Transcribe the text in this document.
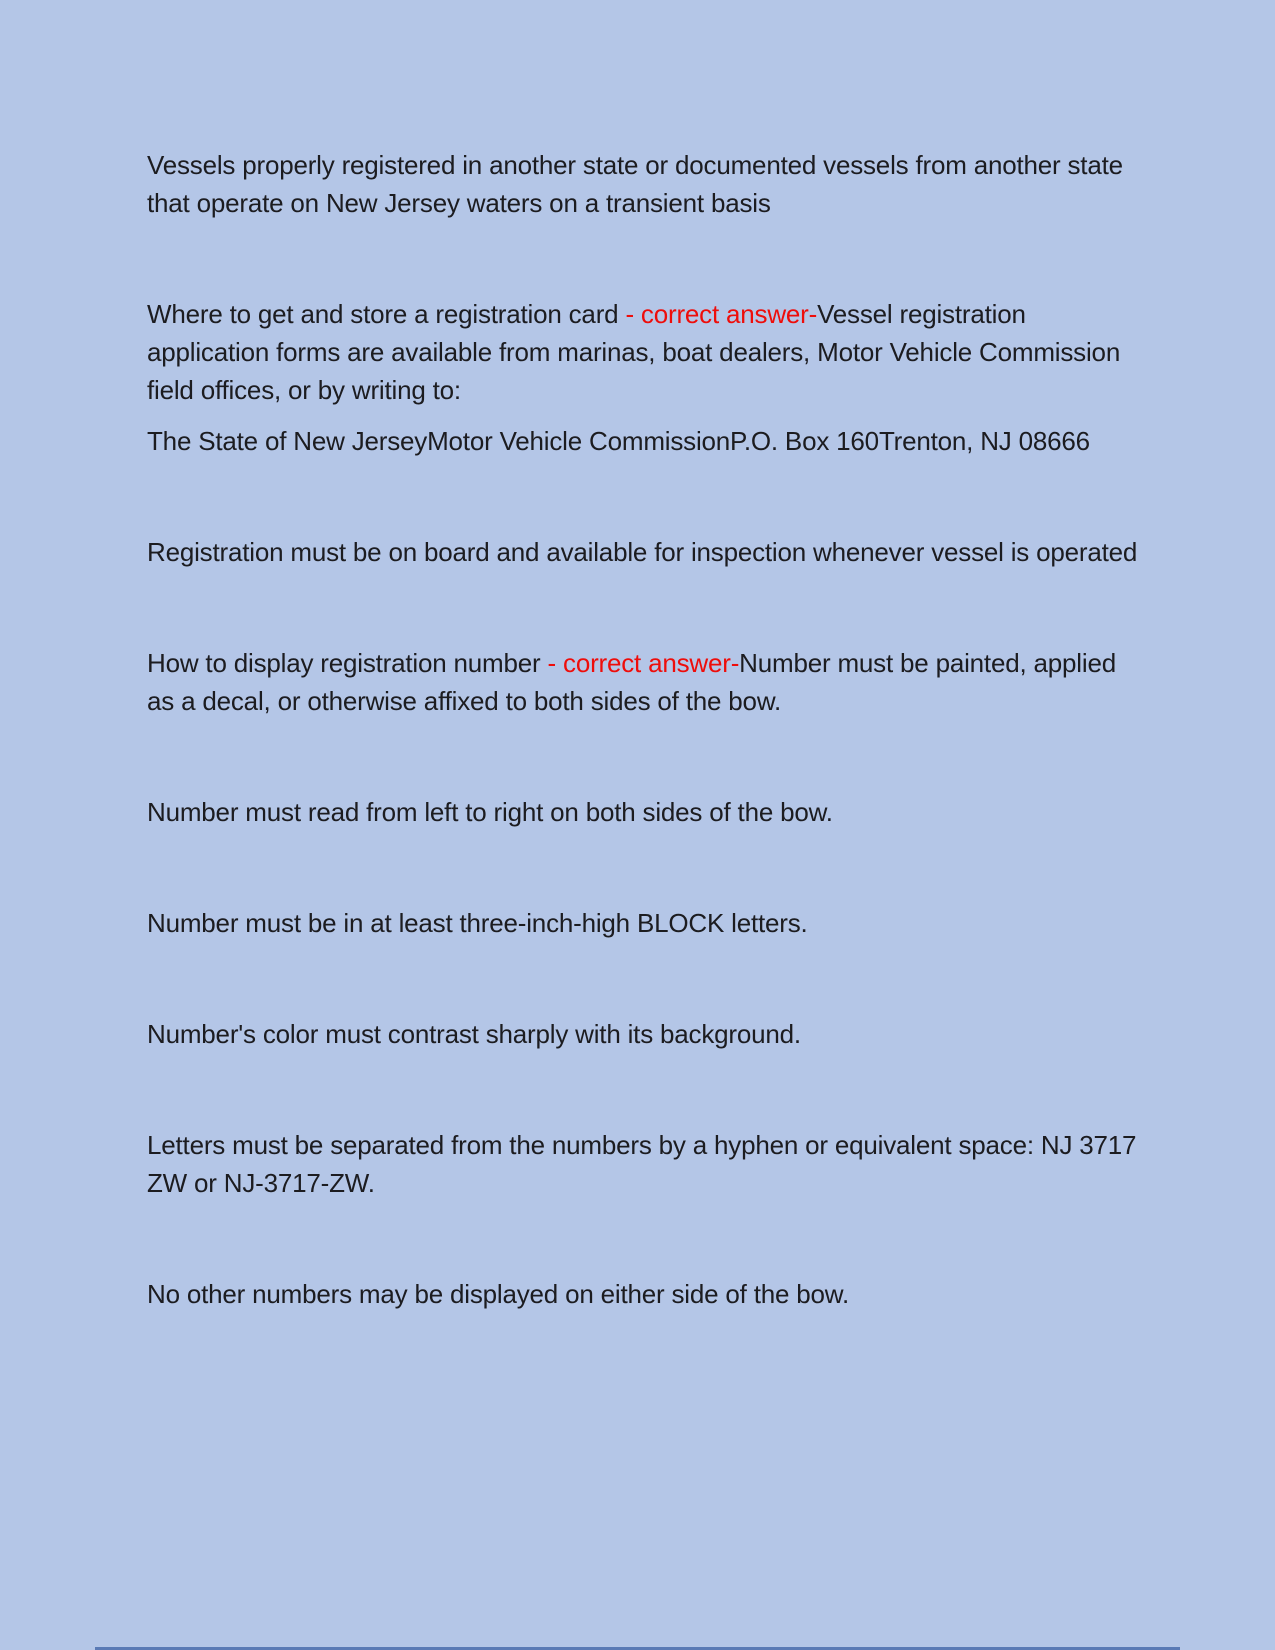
Vessels properly registered in another state or documented vessels from another state that operate on New Jersey waters on a transient basis

Where to get and store a registration card - correct answer-Vessel registration application forms are available from marinas, boat dealers, Motor Vehicle Commission field offices, or by writing to:

The State of New JerseyMotor Vehicle CommissionP.O. Box 160Trenton, NJ 08666

Registration must be on board and available for inspection whenever vessel is operated

How to display registration number - correct answer-Number must be painted, applied as a decal, or otherwise affixed to both sides of the bow.

Number must read from left to right on both sides of the bow.

Number must be in at least three-inch-high BLOCK letters.

Number's color must contrast sharply with its background.

Letters must be separated from the numbers by a hyphen or equivalent space: NJ 3717 ZW or NJ-3717-ZW.

No other numbers may be displayed on either side of the bow.
